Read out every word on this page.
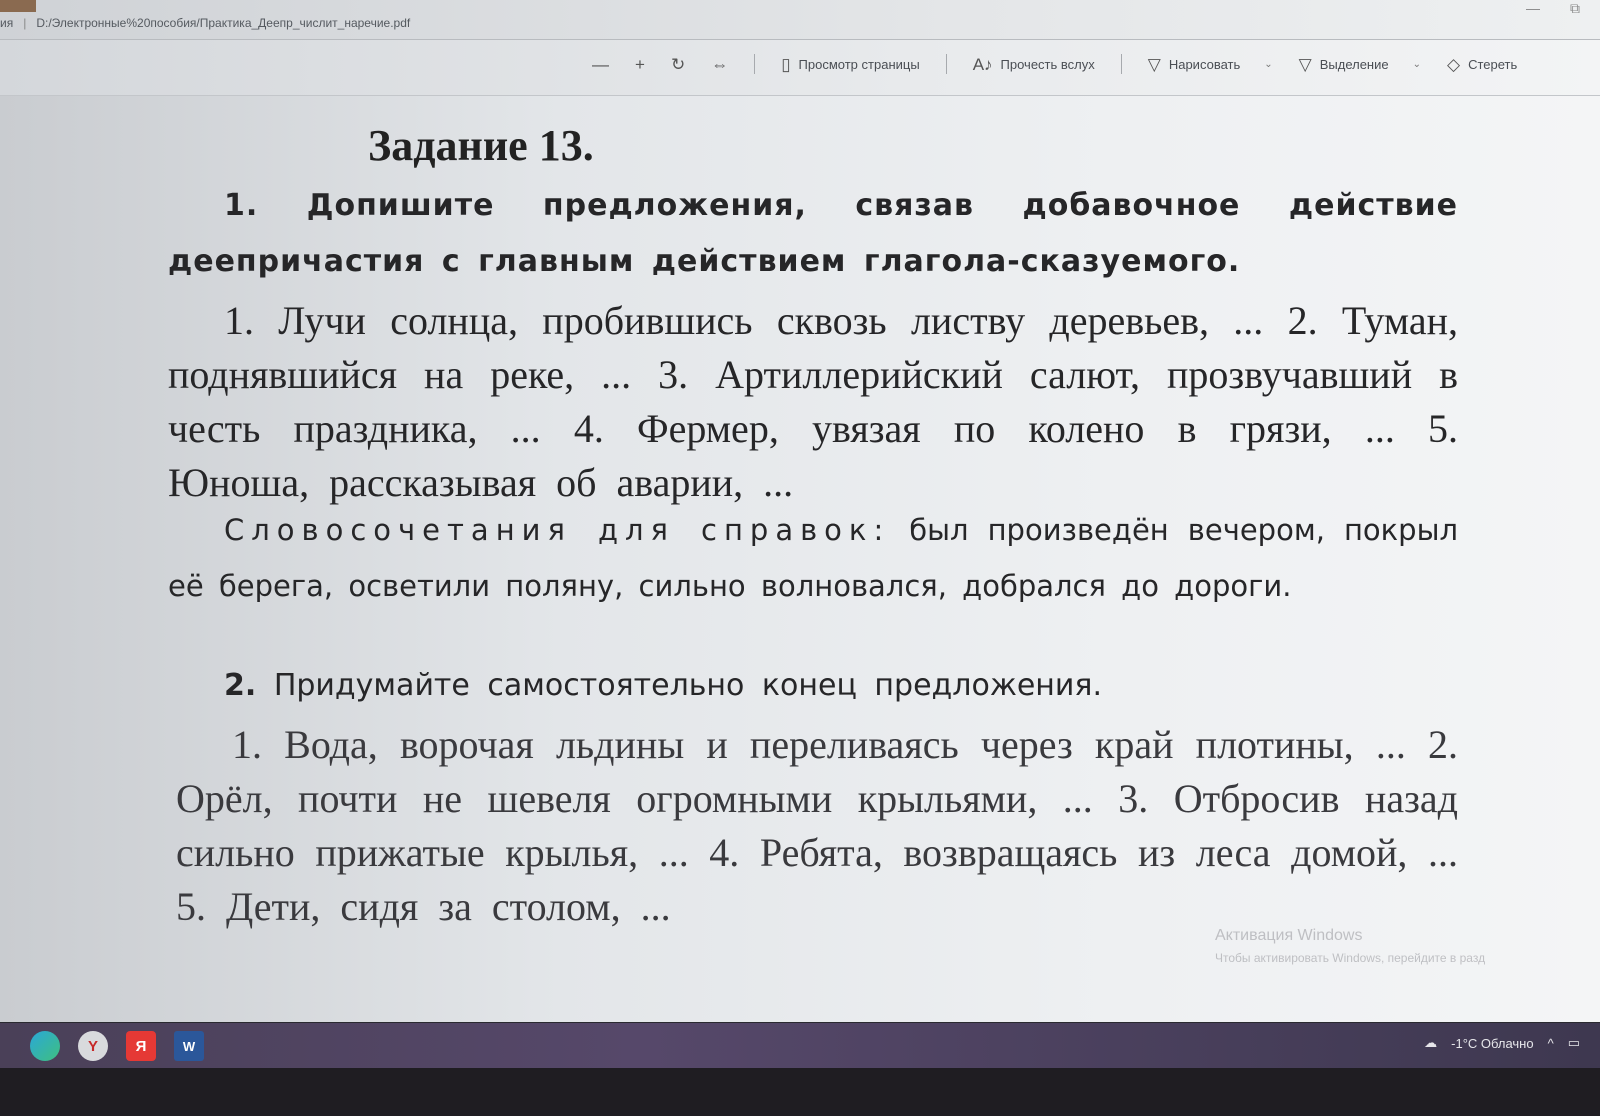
ия | D:/Электронные%20пособия/Практика_Деепр_числит_наречие.pdf
— ⧉
— + ↻ ⇔	▯ Просмотр страницы	A♪ Прочесть вслух	▽ Нарисовать ⌄ ▽ Выделение ⌄ ◇ Стереть
Задание 13.
1. Допишите предложения, связав добавочное действие деепричастия с главным действием глагола-сказуемого.
1. Лучи солнца, пробившись сквозь листву деревьев, ... 2. Туман, поднявшийся на реке, ... 3. Артиллерийский салют, прозвучавший в честь праздника, ... 4. Фермер, увязая по колено в грязи, ... 5. Юноша, рассказывая об аварии, ...
Словосочетания для справок: был произведён вечером, покрыл её берега, осветили поляну, сильно волновался, добрался до дороги.
2. Придумайте самостоятельно конец предложения.
1. Вода, ворочая льдины и переливаясь через край плотины, ... 2. Орёл, почти не шевеля огромными крыльями, ... 3. Отбросив назад сильно прижатые крылья, ... 4. Ребята, возвращаясь из леса домой, ... 5. Дети, сидя за столом, ...
Активация Windows
Чтобы активировать Windows, перейдите в разд
Y	Я	W	☁ -1°C Облачно ^ ▭
